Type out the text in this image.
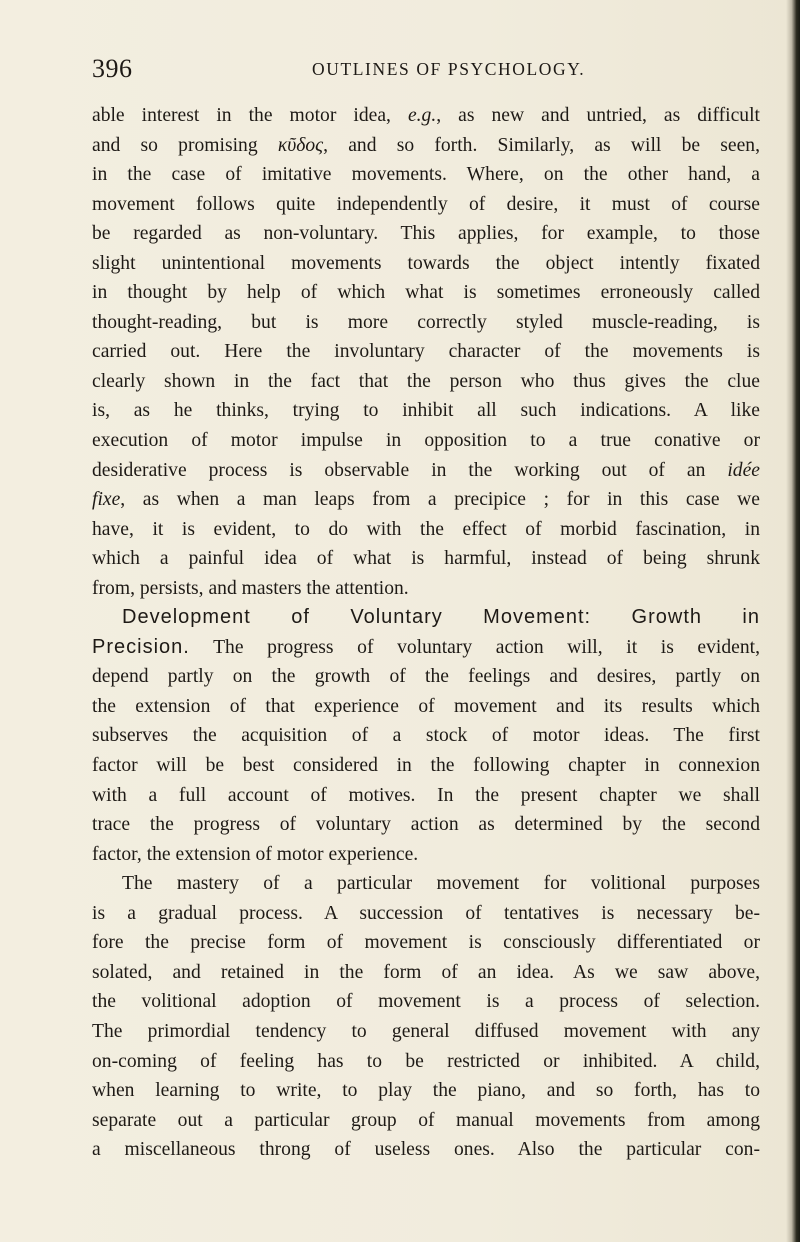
396	OUTLINES OF PSYCHOLOGY.
able interest in the motor idea, e.g., as new and untried, as difficult
and so promising κῦδος, and so forth. Similarly, as will be seen,
in the case of imitative movements. Where, on the other hand, a
movement follows quite independently of desire, it must of course
be regarded as non-voluntary. This applies, for example, to those
slight unintentional movements towards the object intently fixated
in thought by help of which what is sometimes erroneously called
thought-reading, but is more correctly styled muscle-reading, is
carried out. Here the involuntary character of the movements is
clearly shown in the fact that the person who thus gives the clue
is, as he thinks, trying to inhibit all such indications. A like
execution of motor impulse in opposition to a true conative or
desiderative process is observable in the working out of an idée
fixe, as when a man leaps from a precipice ; for in this case we
have, it is evident, to do with the effect of morbid fascination, in
which a painful idea of what is harmful, instead of being shrunk
from, persists, and masters the attention.
Development of Voluntary Movement: Growth in
Precision. The progress of voluntary action will, it is evident,
depend partly on the growth of the feelings and desires, partly on
the extension of that experience of movement and its results which
subserves the acquisition of a stock of motor ideas. The first
factor will be best considered in the following chapter in connexion
with a full account of motives. In the present chapter we shall
trace the progress of voluntary action as determined by the second
factor, the extension of motor experience.
The mastery of a particular movement for volitional purposes
is a gradual process. A succession of tentatives is necessary be-
fore the precise form of movement is consciously differentiated or
solated, and retained in the form of an idea. As we saw above,
the volitional adoption of movement is a process of selection.
The primordial tendency to general diffused movement with any
on-coming of feeling has to be restricted or inhibited. A child,
when learning to write, to play the piano, and so forth, has to
separate out a particular group of manual movements from among
a miscellaneous throng of useless ones. Also the particular con-
